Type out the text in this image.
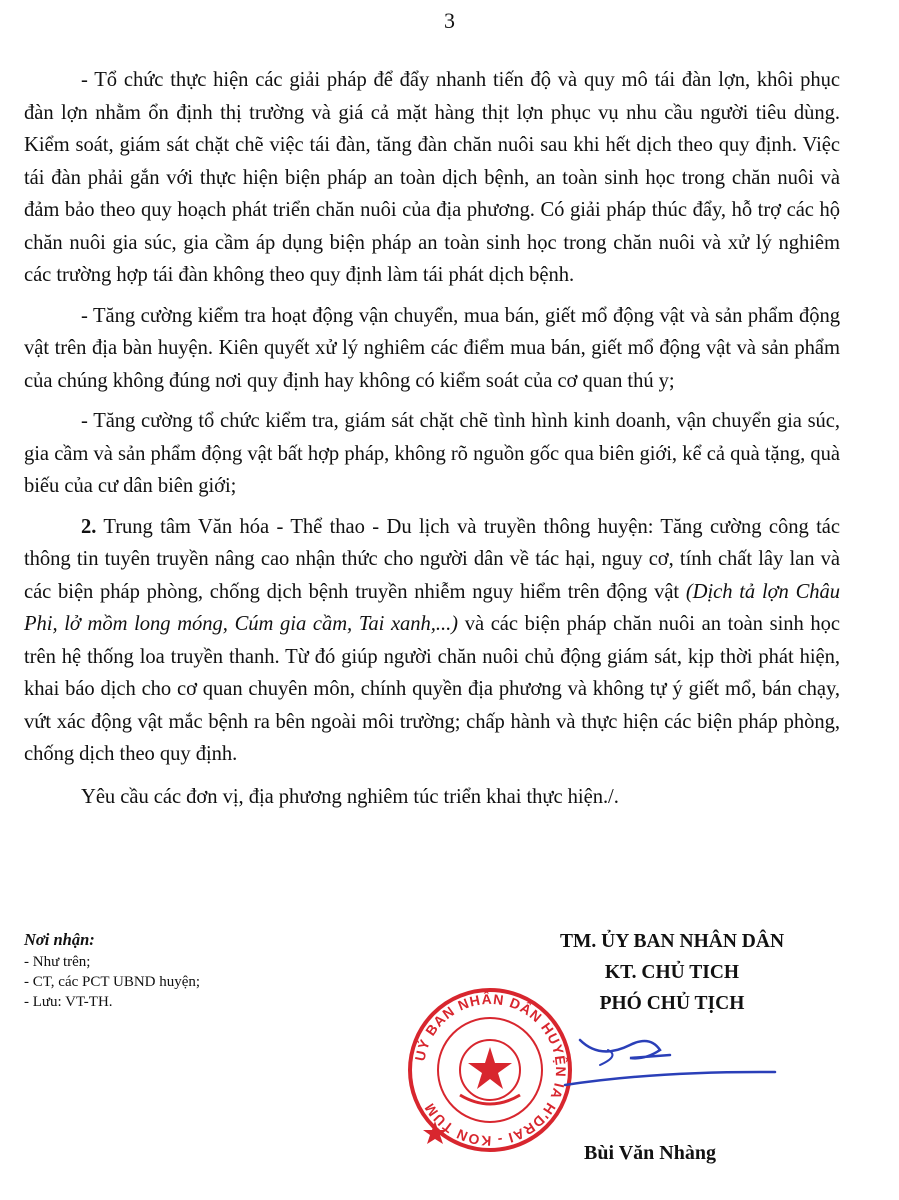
3

- Tổ chức thực hiện các giải pháp để đẩy nhanh tiến độ và quy mô tái đàn lợn, khôi phục đàn lợn nhằm ổn định thị trường và giá cả mặt hàng thịt lợn phục vụ nhu cầu người tiêu dùng. Kiểm soát, giám sát chặt chẽ việc tái đàn, tăng đàn chăn nuôi sau khi hết dịch theo quy định. Việc tái đàn phải gắn với thực hiện biện pháp an toàn dịch bệnh, an toàn sinh học trong chăn nuôi và đảm bảo theo quy hoạch phát triển chăn nuôi của địa phương. Có giải pháp thúc đẩy, hỗ trợ các hộ chăn nuôi gia súc, gia cầm áp dụng biện pháp an toàn sinh học trong chăn nuôi và xử lý nghiêm các trường hợp tái đàn không theo quy định làm tái phát dịch bệnh.

- Tăng cường kiểm tra hoạt động vận chuyển, mua bán, giết mổ động vật và sản phẩm động vật trên địa bàn huyện. Kiên quyết xử lý nghiêm các điểm mua bán, giết mổ động vật và sản phẩm của chúng không đúng nơi quy định hay không có kiểm soát của cơ quan thú y;

- Tăng cường tổ chức kiểm tra, giám sát chặt chẽ tình hình kinh doanh, vận chuyển gia súc, gia cầm và sản phẩm động vật bất hợp pháp, không rõ nguồn gốc qua biên giới, kể cả quà tặng, quà biếu của cư dân biên giới;

2. Trung tâm Văn hóa - Thể thao - Du lịch và truyền thông huyện: Tăng cường công tác thông tin tuyên truyền nâng cao nhận thức cho người dân về tác hại, nguy cơ, tính chất lây lan và các biện pháp phòng, chống dịch bệnh truyền nhiễm nguy hiểm trên động vật (Dịch tả lợn Châu Phi, lở mồm long móng, Cúm gia cầm, Tai xanh,...) và các biện pháp chăn nuôi an toàn sinh học trên hệ thống loa truyền thanh. Từ đó giúp người chăn nuôi chủ động giám sát, kịp thời phát hiện, khai báo dịch cho cơ quan chuyên môn, chính quyền địa phương và không tự ý giết mổ, bán chạy, vứt xác động vật mắc bệnh ra bên ngoài môi trường; chấp hành và thực hiện các biện pháp phòng, chống dịch theo quy định.

Yêu cầu các đơn vị, địa phương nghiêm túc triển khai thực hiện./.

Nơi nhận:
- Như trên;
- CT, các PCT UBND huyện;
- Lưu: VT-TH.
TM. ỦY BAN NHÂN DÂN
KT. CHỦ TICH
PHÓ CHỦ TỊCH
UỶ BAN NHÂN DÂN HUYỆN IA H'DRAI - KON TUM
Bùi Văn Nhàng
